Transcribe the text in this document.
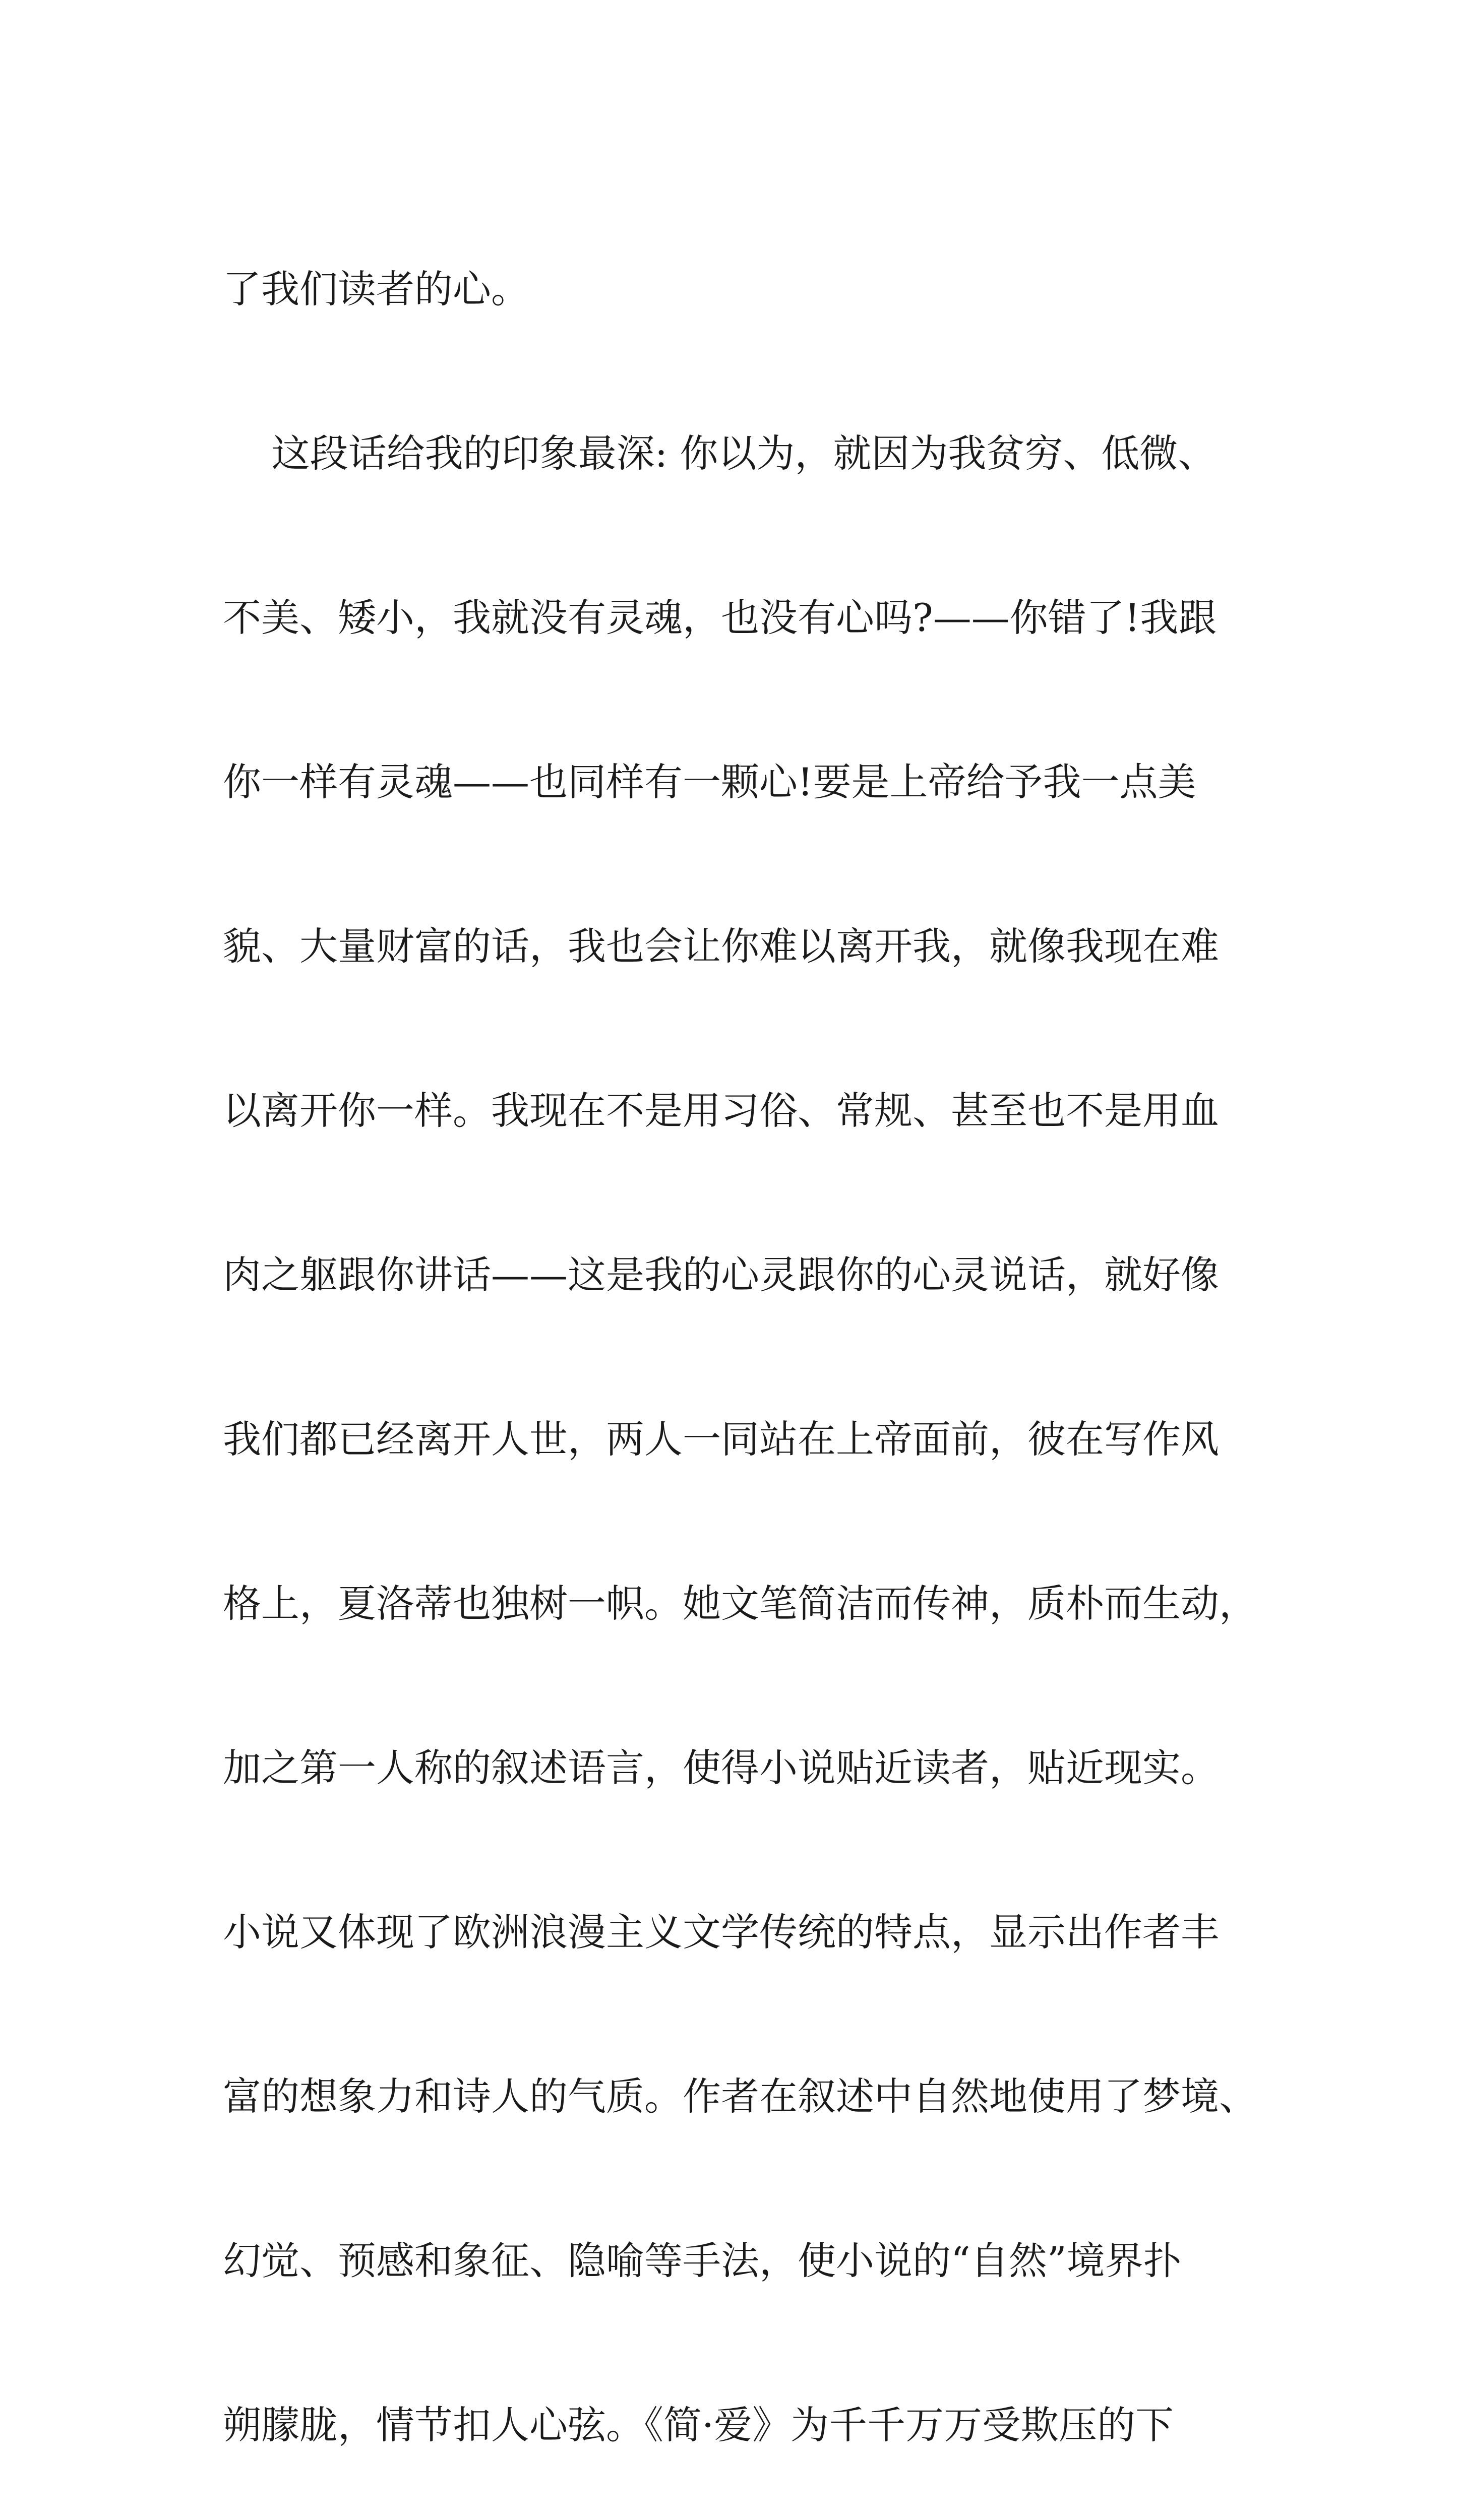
了我们读者的心。

这段话给我的印象最深: 你以为，就因为我贫穷、低微、

不美、矮小，我就没有灵魂，也没有心吗?——你错了!我跟

你一样有灵魂——也同样有一颗心!要是上帝给予我一点美

貌、大量财富的话，我也会让你难以离开我，就像我现在难

以离开你一样。我现在不是用习俗、常规、甚至也不是用血

肉之躯跟你讲话——这是我的心灵跟你的心灵说话，就好像

我们都已经离开人世，两人一同站在上帝面前，彼在写作风

格上，夏洛蒂也独树一帜。她文笔简洁而传神，质朴而生动，

加之第一人称的叙述语言，使得小说贴近读者，贴近现实。

小说又体现了欧洲浪漫主义文学传统的特点，显示出作者丰

富的想象力和诗人的气质。作者在叙述中自然地使用了梦境、

幻觉、预感和象征、隐喻等手法，使小说的“自然”境界扑

朔朦胧，情节扣人心弦。《简·爱》为千千万万受欺压的下
